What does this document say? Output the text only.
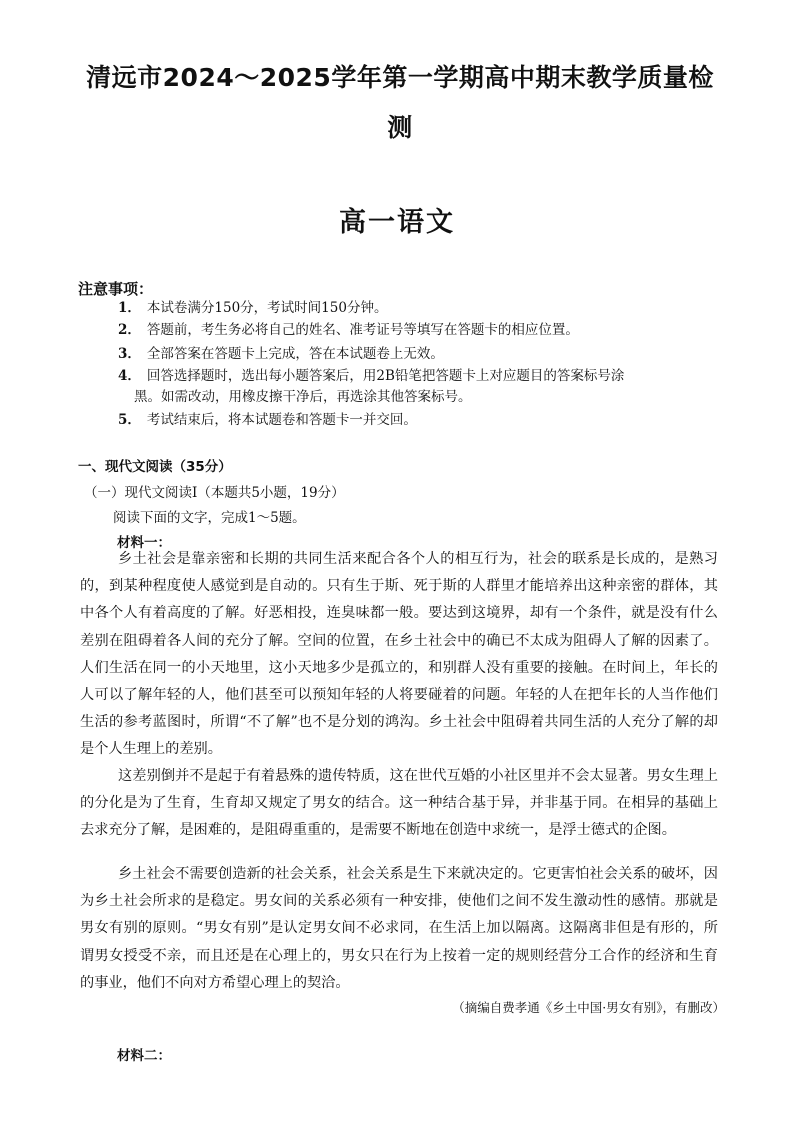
清远市2024～2025学年第一学期高中期末教学质量检
测
高一语文
注意事项：
1． 本试卷满分150分，考试时间150分钟。
2． 答题前，考生务必将自己的姓名、准考证号等填写在答题卡的相应位置。
3． 全部答案在答题卡上完成，答在本试题卷上无效。
4． 回答选择题时，选出每小题答案后，用2B铅笔把答题卡上对应题目的答案标号涂
黑。如需改动，用橡皮擦干净后，再选涂其他答案标号。
5． 考试结束后，将本试题卷和答题卡一并交回。
一、现代文阅读（35分）
（一）现代文阅读Ⅰ（本题共5小题，19分）
阅读下面的文字，完成1～5题。
材料一：
乡土社会是靠亲密和长期的共同生活来配合各个人的相互行为，社会的联系是长成的，是熟习的，到某种程度使人感觉到是自动的。只有生于斯、死于斯的人群里才能培养出这种亲密的群体，其中各个人有着高度的了解。好恶相投，连臭味都一般。要达到这境界，却有一个条件，就是没有什么差别在阻碍着各人间的充分了解。空间的位置，在乡土社会中的确已不太成为阻碍人了解的因素了。人们生活在同一的小天地里，这小天地多少是孤立的，和别群人没有重要的接触。在时间上，年长的人可以了解年轻的人，他们甚至可以预知年轻的人将要碰着的问题。年轻的人在把年长的人当作他们生活的参考蓝图时，所谓“不了解”也不是分划的鸿沟。乡土社会中阻碍着共同生活的人充分了解的却是个人生理上的差别。
这差别倒并不是起于有着悬殊的遗传特质，这在世代互婚的小社区里并不会太显著。男女生理上的分化是为了生育，生育却又规定了男女的结合。这一种结合基于异，并非基于同。在相异的基础上去求充分了解，是困难的，是阻碍重重的，是需要不断地在创造中求统一，是浮士德式的企图。
乡土社会不需要创造新的社会关系，社会关系是生下来就决定的。它更害怕社会关系的破坏，因为乡土社会所求的是稳定。男女间的关系必须有一种安排，使他们之间不发生激动性的感情。那就是男女有别的原则。“男女有别”是认定男女间不必求同，在生活上加以隔离。这隔离非但是有形的，所谓男女授受不亲，而且还是在心理上的，男女只在行为上按着一定的规则经营分工合作的经济和生育的事业，他们不向对方希望心理上的契洽。
（摘编自费孝通《乡土中国·男女有别》，有删改）
材料二：
